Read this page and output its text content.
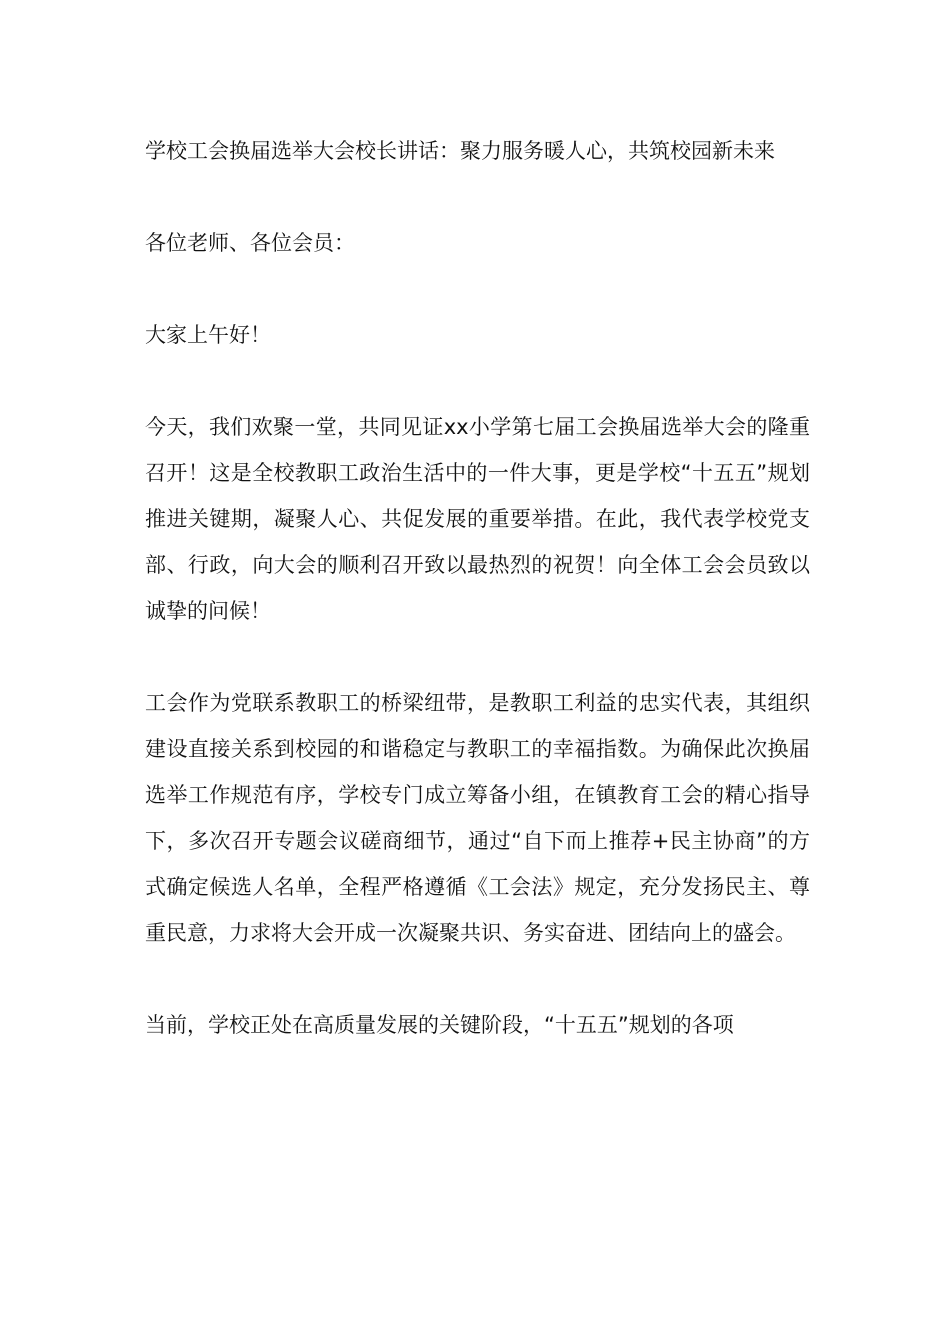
学校工会换届选举大会校长讲话：聚力服务暖人心，共筑校园新未来

各位老师、各位会员：

大家上午好！

今天，我们欢聚一堂，共同见证xx小学第七届工会换届选举大会的隆重召开！这是全校教职工政治生活中的一件大事，更是学校“十五五”规划推进关键期，凝聚人心、共促发展的重要举措。在此，我代表学校党支部、行政，向大会的顺利召开致以最热烈的祝贺！向全体工会会员致以诚挚的问候！

工会作为党联系教职工的桥梁纽带，是教职工利益的忠实代表，其组织建设直接关系到校园的和谐稳定与教职工的幸福指数。为确保此次换届选举工作规范有序，学校专门成立筹备小组，在镇教育工会的精心指导下，多次召开专题会议磋商细节，通过“自下而上推荐+民主协商”的方式确定候选人名单，全程严格遵循《工会法》规定，充分发扬民主、尊重民意，力求将大会开成一次凝聚共识、务实奋进、团结向上的盛会。

当前，学校正处在高质量发展的关键阶段，“十五五”规划的各项
